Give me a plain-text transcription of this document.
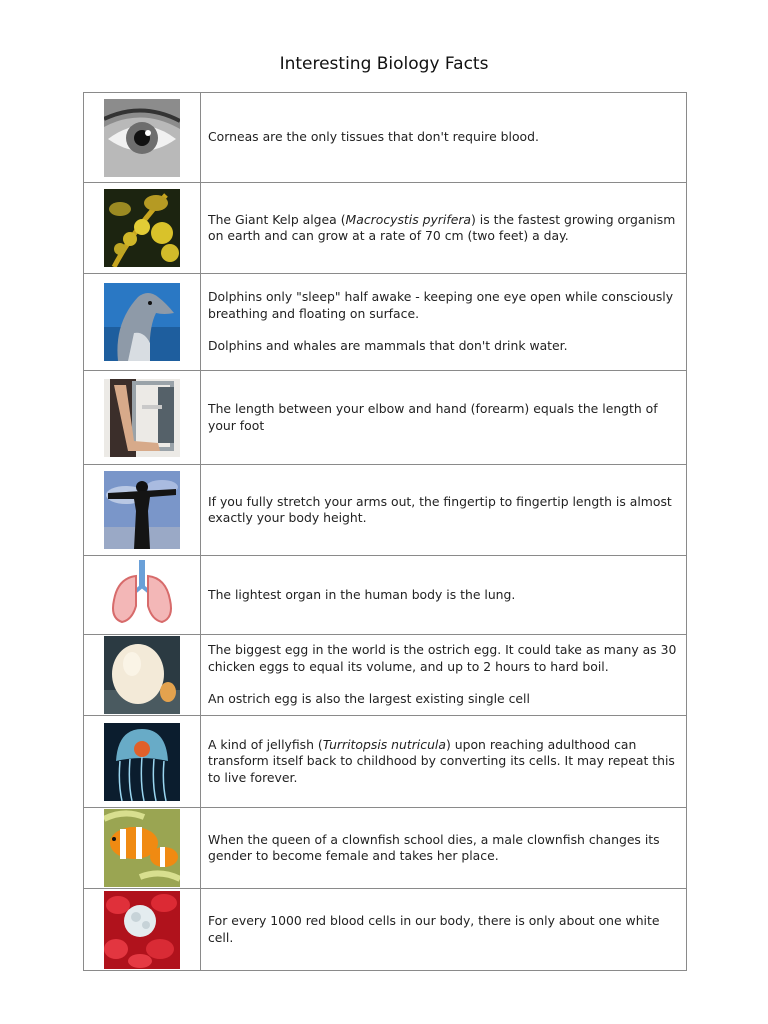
Interesting Biology Facts

Corneas are the only tissues that don't require blood.

The Giant Kelp algea (Macrocystis pyrifera) is the fastest growing organism on earth and can grow at a rate of 70 cm (two feet) a day.

Dolphins only "sleep" half awake - keeping one eye open while consciously breathing and floating on surface.

Dolphins and whales are mammals that don't drink water.

The length between your elbow and hand (forearm) equals the length of your foot

If you fully stretch your arms out, the fingertip to fingertip length is almost exactly your body height.

The lightest organ in the human body is the lung.

The biggest egg in the world is the ostrich egg. It could take as many as 30 chicken eggs to equal its volume, and up to 2 hours to hard boil.

An ostrich egg is also the largest existing single cell

A kind of jellyfish (Turritopsis nutricula) upon reaching adulthood can transform itself back to childhood by converting its cells. It may repeat this to live forever.

When the queen of a clownfish school dies, a male clownfish changes its gender to become female and takes her place.

For every 1000 red blood cells in our body, there is only about one white cell.
